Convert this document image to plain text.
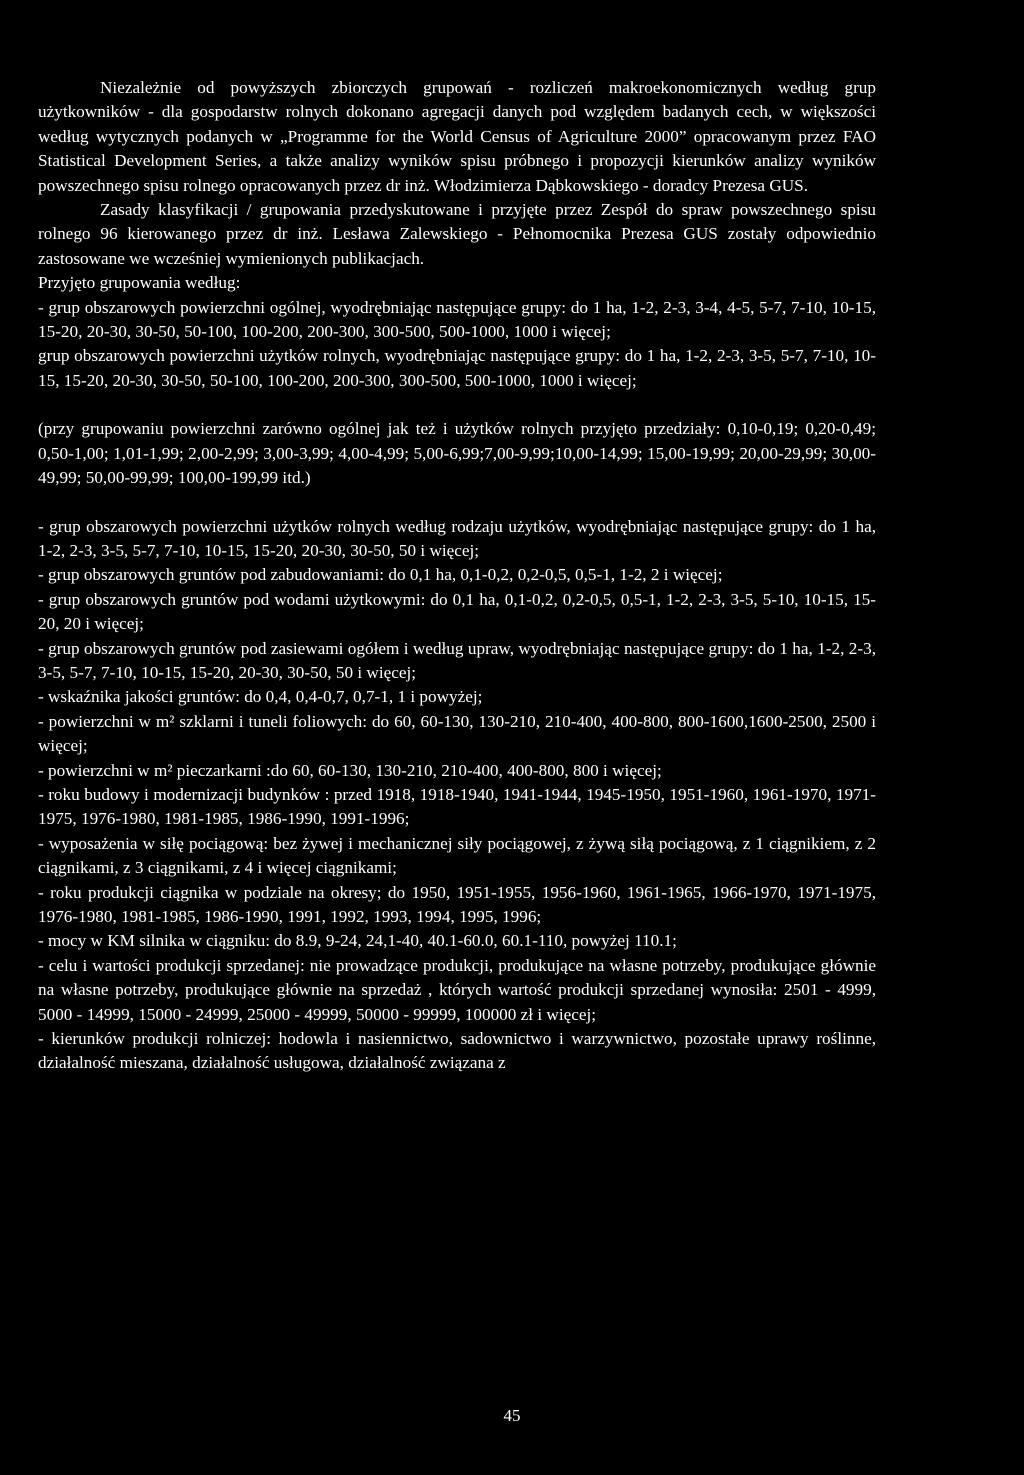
Niezależnie od powyższych zbiorczych grupowań - rozliczeń makroekonomicznych według grup użytkowników - dla gospodarstw rolnych dokonano agregacji danych pod względem badanych cech, w większości według wytycznych podanych w „Programme for the World Census of Agriculture 2000” opracowanym przez FAO Statistical Development Series, a także analizy wyników spisu próbnego i propozycji kierunków analizy wyników powszechnego spisu rolnego opracowanych przez dr inż. Włodzimierza Dąbkowskiego - doradcy Prezesa GUS.

Zasady klasyfikacji / grupowania przedyskutowane i przyjęte przez Zespół do spraw powszechnego spisu rolnego 96 kierowanego przez dr inż. Lesława Zalewskiego - Pełnomocnika Prezesa GUS zostały odpowiednio zastosowane we wcześniej wymienionych publikacjach.

Przyjęto grupowania według:

- grup obszarowych powierzchni ogólnej, wyodrębniając następujące grupy: do 1 ha, 1-2, 2-3, 3-4, 4-5, 5-7, 7-10, 10-15, 15-20, 20-30, 30-50, 50-100, 100-200, 200-300, 300-500, 500-1000, 1000 i więcej;

grup obszarowych powierzchni użytków rolnych, wyodrębniając następujące grupy: do 1 ha, 1-2, 2-3, 3-5, 5-7, 7-10, 10-15, 15-20, 20-30, 30-50, 50-100, 100-200, 200-300, 300-500, 500-1000, 1000 i więcej;

(przy grupowaniu powierzchni zarówno ogólnej jak też i użytków rolnych przyjęto przedziały: 0,10-0,19; 0,20-0,49; 0,50-1,00; 1,01-1,99; 2,00-2,99; 3,00-3,99; 4,00-4,99; 5,00-6,99;7,00-9,99;10,00-14,99; 15,00-19,99; 20,00-29,99; 30,00-49,99; 50,00-99,99; 100,00-199,99 itd.)

- grup obszarowych powierzchni użytków rolnych według rodzaju użytków, wyodrębniając następujące grupy: do 1 ha, 1-2, 2-3, 3-5, 5-7, 7-10, 10-15, 15-20, 20-30, 30-50, 50 i więcej;

- grup obszarowych gruntów pod zabudowaniami: do 0,1 ha, 0,1-0,2, 0,2-0,5, 0,5-1, 1-2, 2 i więcej;

- grup obszarowych gruntów pod wodami użytkowymi: do 0,1 ha, 0,1-0,2, 0,2-0,5, 0,5-1, 1-2, 2-3, 3-5, 5-10, 10-15, 15-20, 20 i więcej;

- grup obszarowych gruntów pod zasiewami ogółem i według upraw, wyodrębniając następujące grupy: do 1 ha, 1-2, 2-3, 3-5, 5-7, 7-10, 10-15, 15-20, 20-30, 30-50, 50 i więcej;

- wskaźnika jakości gruntów: do 0,4, 0,4-0,7, 0,7-1, 1 i powyżej;

- powierzchni w m² szklarni i tuneli foliowych: do 60, 60-130, 130-210, 210-400, 400-800, 800-1600,1600-2500, 2500 i więcej;

- powierzchni w m² pieczarkarni :do 60, 60-130, 130-210, 210-400, 400-800, 800 i więcej;

- roku budowy i modernizacji budynków : przed 1918, 1918-1940, 1941-1944, 1945-1950, 1951-1960, 1961-1970, 1971-1975, 1976-1980, 1981-1985, 1986-1990, 1991-1996;

- wyposażenia w siłę pociągową: bez żywej i mechanicznej siły pociągowej, z żywą siłą pociągową, z 1 ciągnikiem, z 2 ciągnikami, z 3 ciągnikami, z 4 i więcej ciągnikami;

- roku produkcji ciągnika w podziale na okresy; do 1950, 1951-1955, 1956-1960, 1961-1965, 1966-1970, 1971-1975, 1976-1980, 1981-1985, 1986-1990, 1991, 1992, 1993, 1994, 1995, 1996;

- mocy w KM silnika w ciągniku: do 8.9, 9-24, 24,1-40, 40.1-60.0, 60.1-110, powyżej 110.1;

- celu i wartości produkcji sprzedanej: nie prowadzące produkcji, produkujące na własne potrzeby, produkujące głównie na własne potrzeby, produkujące głównie na sprzedaż , których wartość produkcji sprzedanej wynosiła: 2501 - 4999, 5000 - 14999, 15000 - 24999, 25000 - 49999, 50000 - 99999, 100000 zł i więcej;

- kierunków produkcji rolniczej: hodowla i nasiennictwo, sadownictwo i warzywnictwo, pozostałe uprawy roślinne, działalność mieszana, działalność usługowa, działalność związana z

45
